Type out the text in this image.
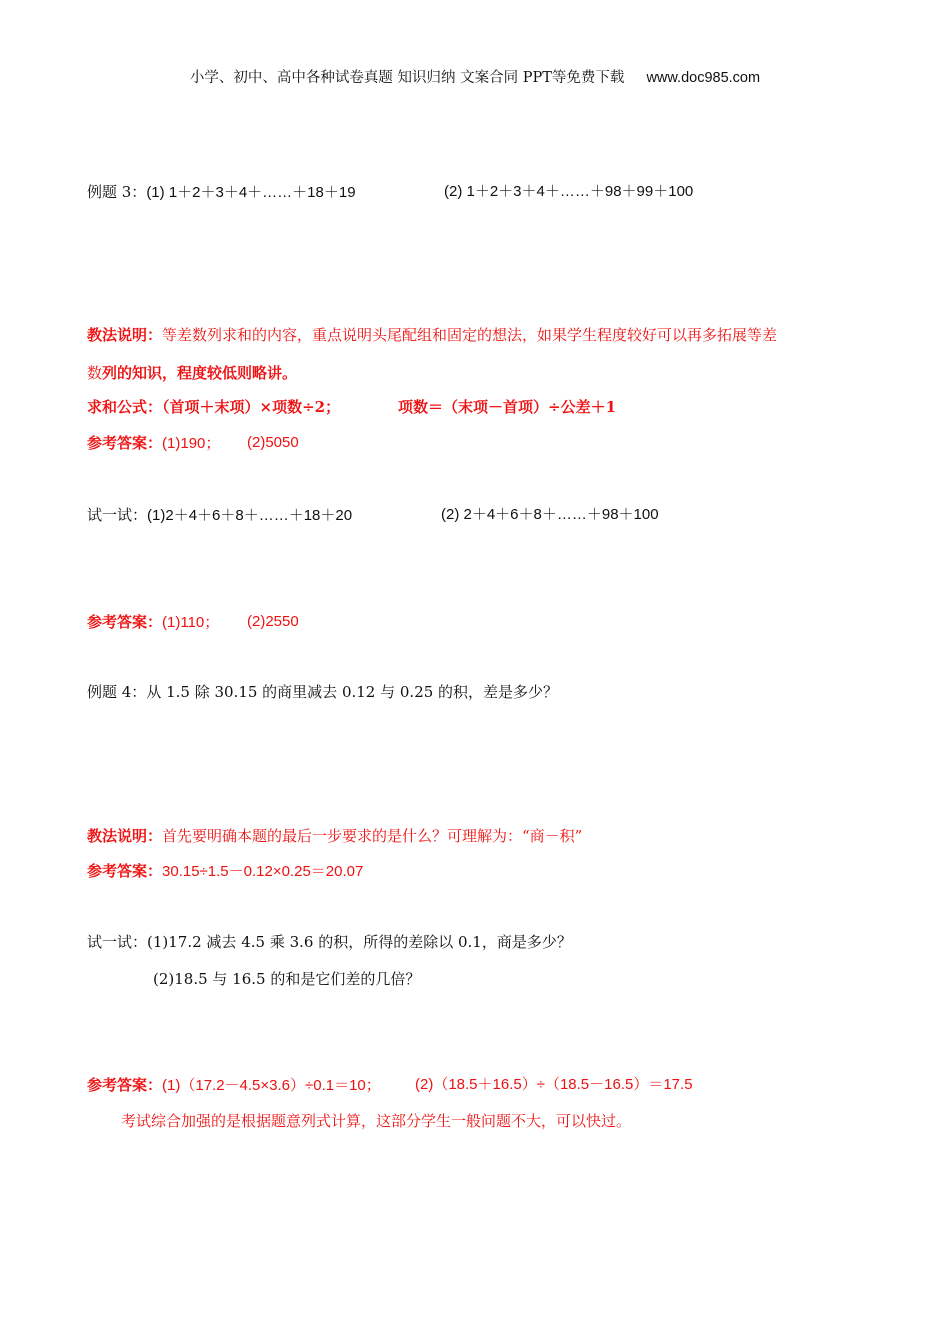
小学、初中、高中各种试卷真题 知识归纳 文案合同 PPT等免费下载 www.doc985.com
例题 3：(1) 1＋2＋3＋4＋……＋18＋19	(2) 1＋2＋3＋4＋……＋98＋99＋100
教法说明：等差数列求和的内容，重点说明头尾配组和固定的想法，如果学生程度较好可以再多拓展等差
数列的知识，程度较低则略讲。
求和公式：（首项＋末项）×项数÷2；	项数＝（末项－首项）÷公差＋1
参考答案：(1)190； (2)5050
试一试：(1)2＋4＋6＋8＋……＋18＋20	(2) 2＋4＋6＋8＋……＋98＋100
参考答案：(1)110； (2)2550
例题 4：从 1.5 除 30.15 的商里减去 0.12 与 0.25 的积，差是多少？
教法说明：首先要明确本题的最后一步要求的是什么？可理解为：“商－积”
参考答案：30.15÷1.5－0.12×0.25＝20.07
试一试：(1)17.2 减去 4.5 乘 3.6 的积，所得的差除以 0.1，商是多少？
(2)18.5 与 16.5 的和是它们差的几倍？
参考答案：(1)（17.2－4.5×3.6）÷0.1＝10； (2)（18.5＋16.5）÷（18.5－16.5）＝17.5
考试综合加强的是根据题意列式计算，这部分学生一般问题不大，可以快过。
